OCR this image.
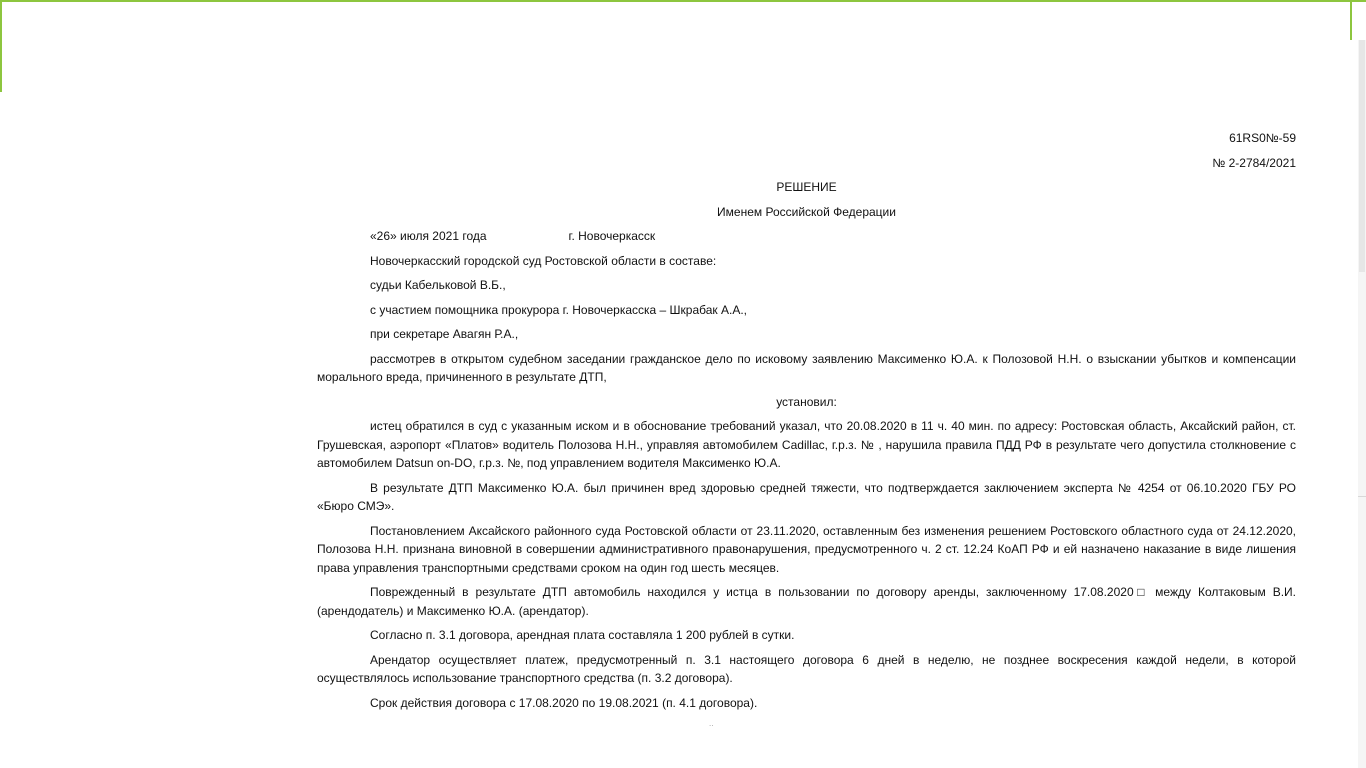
61RS0№-59

№ 2-2784/2021

РЕШЕНИЕ

Именем Российской Федерации

«26» июля 2021 года	г. Новочеркасск

Новочеркасский городской суд Ростовской области в составе:

судьи Кабельковой В.Б.,

с участием помощника прокурора г. Новочеркасска – Шкрабак А.А.,

при секретаре Авагян Р.А.,

рассмотрев в открытом судебном заседании гражданское дело по исковому заявлению Максименко Ю.А. к Полозовой Н.Н. о взыскании убытков и компенсации морального вреда, причиненного в результате ДТП,

установил:

истец обратился в суд с указанным иском и в обоснование требований указал, что 20.08.2020 в 11 ч. 40 мин. по адресу: Ростовская область, Аксайский район, ст. Грушевская, аэропорт «Платов» водитель Полозова Н.Н., управляя автомобилем Cadillac, г.р.з. № , нарушила правила ПДД РФ в результате чего допустила столкновение с автомобилем Datsun on-DO, г.р.з. №, под управлением водителя Максименко Ю.А.

В результате ДТП Максименко Ю.А. был причинен вред здоровью средней тяжести, что подтверждается заключением эксперта № 4254 от 06.10.2020 ГБУ РО «Бюро СМЭ».

Постановлением Аксайского районного суда Ростовской области от 23.11.2020, оставленным без изменения решением Ростовского областного суда от 24.12.2020, Полозова Н.Н. признана виновной в совершении административного правонарушения, предусмотренного ч. 2 ст. 12.24 КоАП РФ и ей назначено наказание в виде лишения права управления транспортными средствами сроком на один год шесть месяцев.

Поврежденный в результате ДТП автомобиль находился у истца в пользовании по договору аренды, заключенному 17.08.2020□ между Колтаковым В.И. (арендодатель) и Максименко Ю.А. (арендатор).

Согласно п. 3.1 договора, арендная плата составляла 1 200 рублей в сутки.

Арендатор осуществляет платеж, предусмотренный п. 3.1 настоящего договора 6 дней в неделю, не позднее воскресения каждой недели, в которой осуществлялось использование транспортного средства (п. 3.2 договора).

Срок действия договора с 17.08.2020 по 19.08.2021 (п. 4.1 договора).

..
